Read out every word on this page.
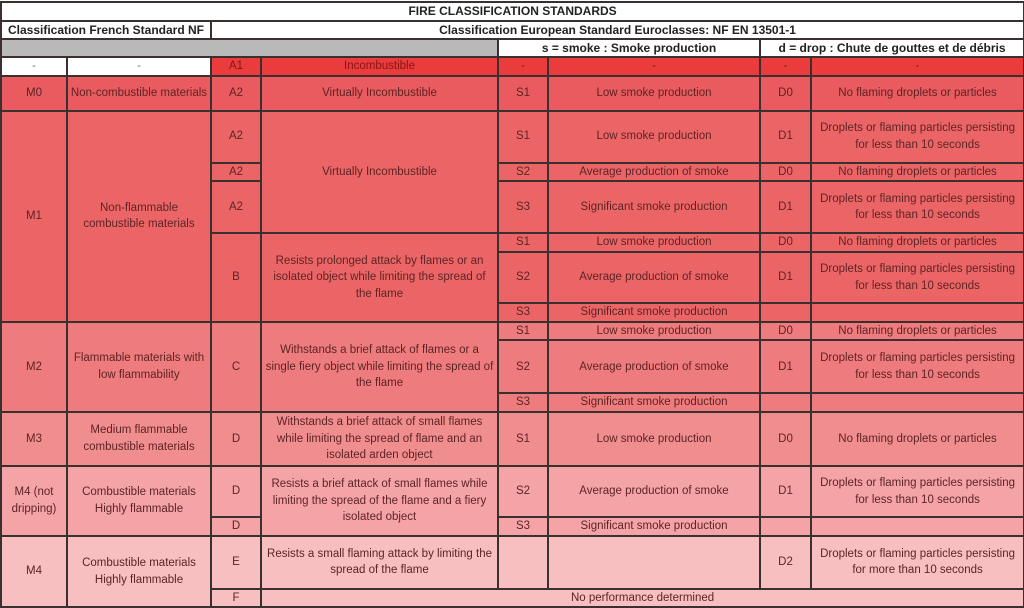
FIRE CLASSIFICATION STANDARDS							
Classification French Standard NF		Classification European Standard Euroclasses: NF EN 13501-1					
				s = smoke : Smoke production		d = drop : Chute de gouttes et de débris	
-	-	A1	Incombustible	-	-	-	-
M0	Non-combustible materials	A2	Virtually Incombustible	S1	Low smoke production	D0	No flaming droplets or particles
M1	Non-flammable combustible materials	A2	Virtually Incombustible	S1	Low smoke production	D1	Droplets or flaming particles persisting for less than 10 seconds
		A2		S2	Average production of smoke	D0	No flaming droplets or particles
		A2		S3	Significant smoke production	D1	Droplets or flaming particles persisting for less than 10 seconds
		B	Resists prolonged attack by flames or an isolated object while limiting the spread of the flame	S1	Low smoke production	D0	No flaming droplets or particles
				S2	Average production of smoke	D1	Droplets or flaming particles persisting for less than 10 seconds
				S3	Significant smoke production		
M2	Flammable materials with low flammability	C	Withstands a brief attack of flames or a single fiery object while limiting the spread of the flame	S1	Low smoke production	D0	No flaming droplets or particles
				S2	Average production of smoke	D1	Droplets or flaming particles persisting for less than 10 seconds
				S3	Significant smoke production		
M3	Medium flammable combustible materials	D	Withstands a brief attack of small flames while limiting the spread of flame and an isolated arden object	S1	Low smoke production	D0	No flaming droplets or particles
M4 (not dripping)	Combustible materials Highly flammable	D	Resists a brief attack of small flames while limiting the spread of the flame and a fiery isolated object	S2	Average production of smoke	D1	Droplets or flaming particles persisting for less than 10 seconds
		D		S3	Significant smoke production		
M4	Combustible materials Highly flammable	E	Resists a small flaming attack by limiting the spread of the flame			D2	Droplets or flaming particles persisting for more than 10 seconds
		F	No performance determined				
